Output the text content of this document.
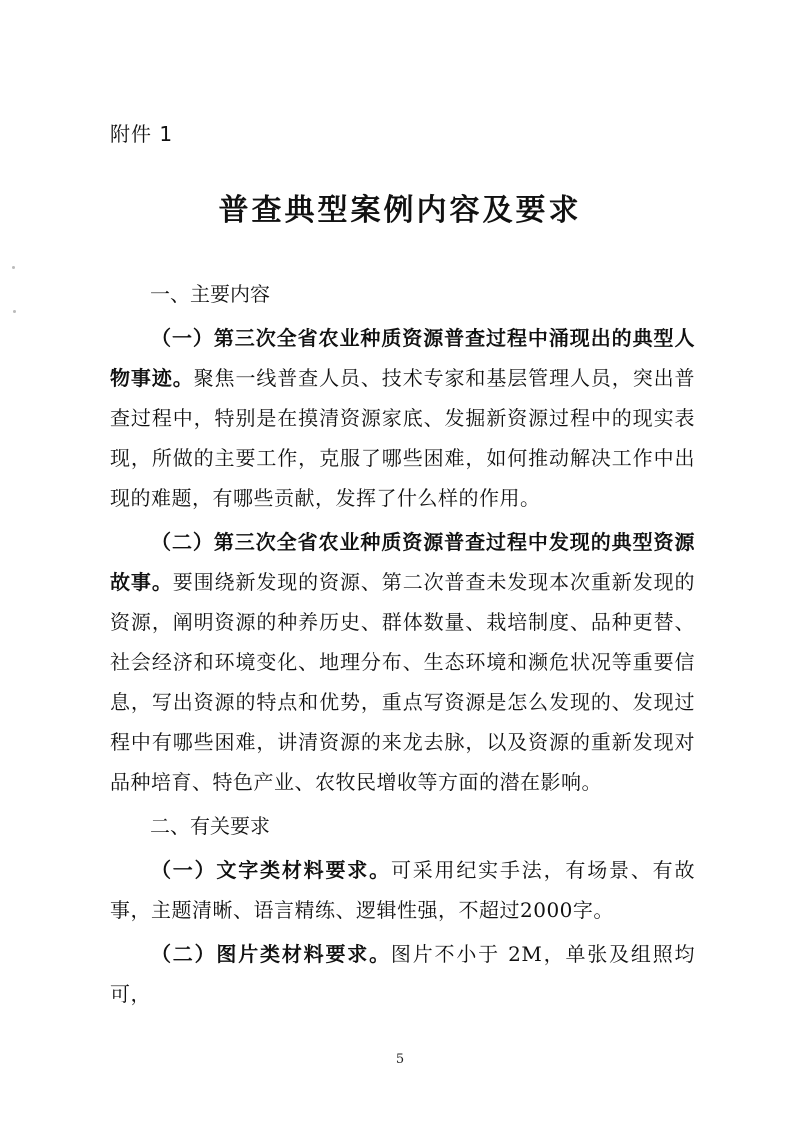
附件 1
普查典型案例内容及要求
一、主要内容

（一）第三次全省农业种质资源普查过程中涌现出的典型人物事迹。聚焦一线普查人员、技术专家和基层管理人员，突出普查过程中，特别是在摸清资源家底、发掘新资源过程中的现实表现，所做的主要工作，克服了哪些困难，如何推动解决工作中出现的难题，有哪些贡献，发挥了什么样的作用。

（二）第三次全省农业种质资源普查过程中发现的典型资源故事。要围绕新发现的资源、第二次普查未发现本次重新发现的资源，阐明资源的种养历史、群体数量、栽培制度、品种更替、社会经济和环境变化、地理分布、生态环境和濒危状况等重要信息，写出资源的特点和优势，重点写资源是怎么发现的、发现过程中有哪些困难，讲清资源的来龙去脉，以及资源的重新发现对品种培育、特色产业、农牧民增收等方面的潜在影响。

二、有关要求

（一）文字类材料要求。可采用纪实手法，有场景、有故事，主题清晰、语言精练、逻辑性强，不超过2000字。

（二）图片类材料要求。图片不小于 2M，单张及组照均可，

5
